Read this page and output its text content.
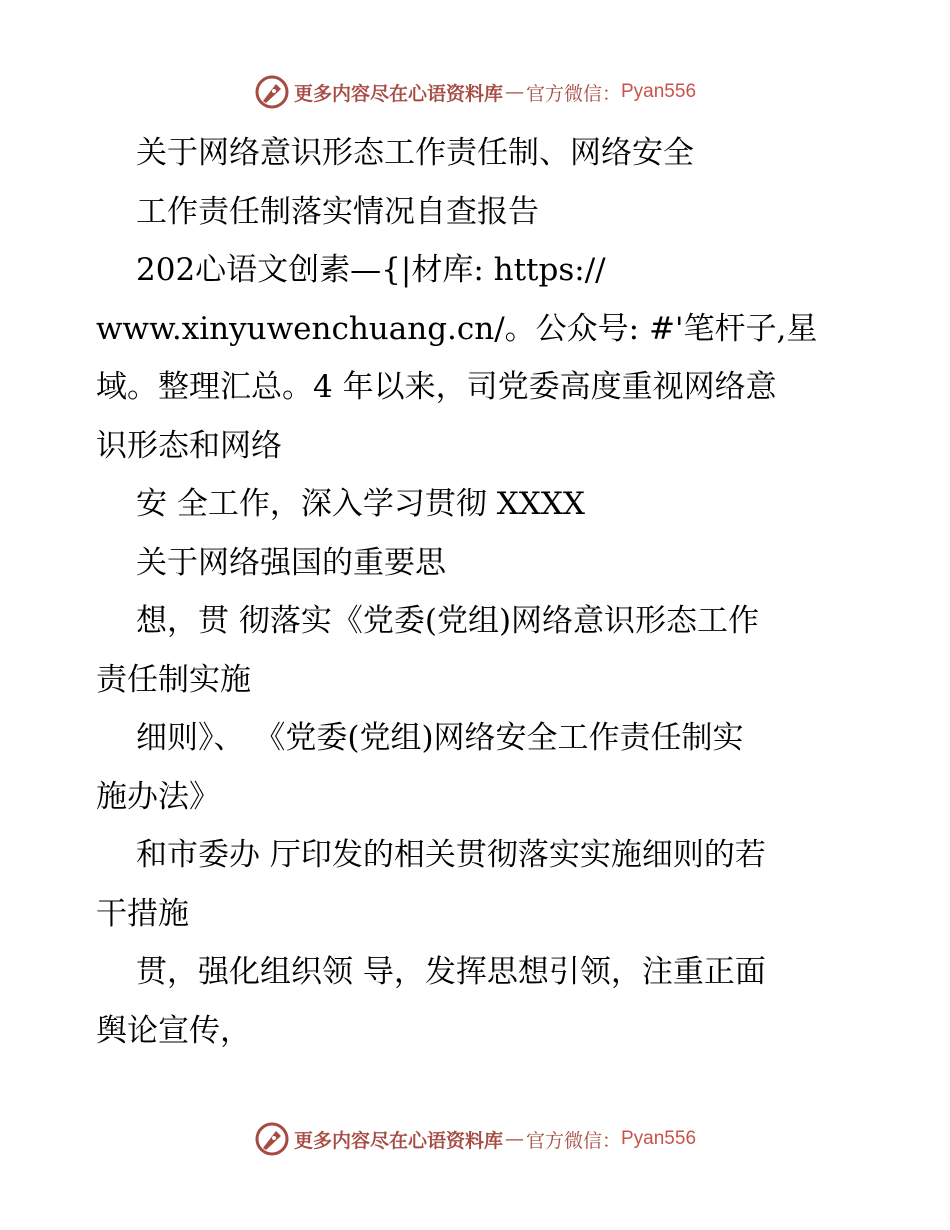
更多内容尽在心语资料库 — 官方微信： Pyan556
关于网络意识形态工作责任制、网络安全
工作责任制落实情况自查报告
202心语文创素—{|材库: https://
www.xinyuwenchuang.cn/。公众号: #'笔杆子,星
域。整理汇总。4 年以来，司党委高度重视网络意
识形态和网络
安 全工作，深入学习贯彻 XXXX
关于网络强国的重要思
想，贯 彻落实《党委(党组)网络意识形态工作
责任制实施
细则》、 《党委(党组)网络安全工作责任制实
施办法》
和市委办 厅印发的相关贯彻落实实施细则的若
干措施
贯，强化组织领 导，发挥思想引领，注重正面
舆论宣传，
更多内容尽在心语资料库 — 官方微信： Pyan556
